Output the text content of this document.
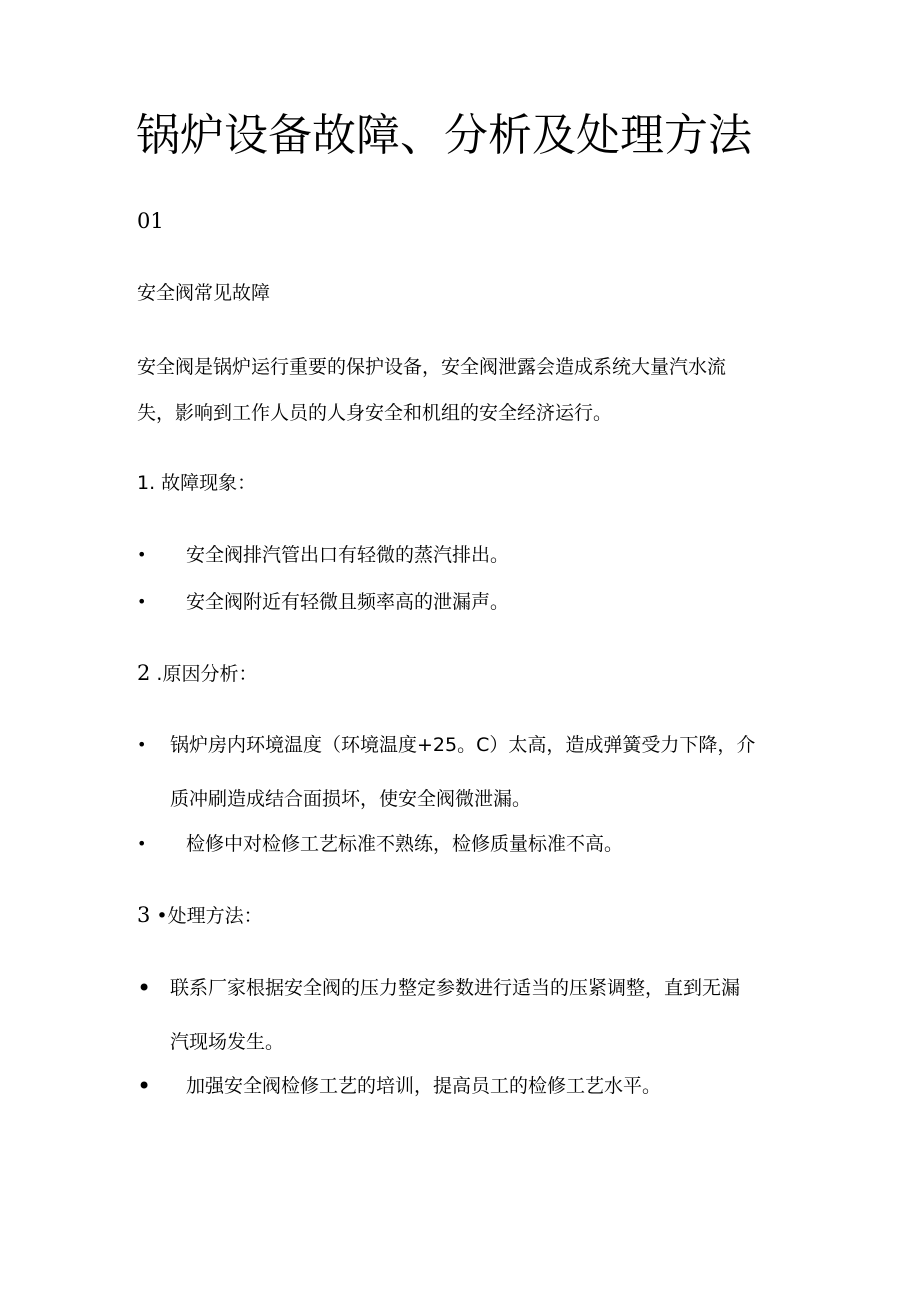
锅炉设备故障、分析及处理方法
01
安全阀常见故障

安全阀是锅炉运行重要的保护设备，安全阀泄露会造成系统大量汽水流
失，影响到工作人员的人身安全和机组的安全经济运行。

1. 故障现象：
•	安全阀排汽管出口有轻微的蒸汽排出。
•	安全阀附近有轻微且频率高的泄漏声。
2 .原因分析：
•	锅炉房内环境温度（环境温度+25。C）太高，造成弹簧受力下降，介
质冲刷造成结合面损坏，使安全阀微泄漏。
•	检修中对检修工艺标准不熟练，检修质量标准不高。
3 •处理方法：
• 联系厂家根据安全阀的压力整定参数进行适当的压紧调整，直到无漏
汽现场发生。
•	加强安全阀检修工艺的培训，提高员工的检修工艺水平。
